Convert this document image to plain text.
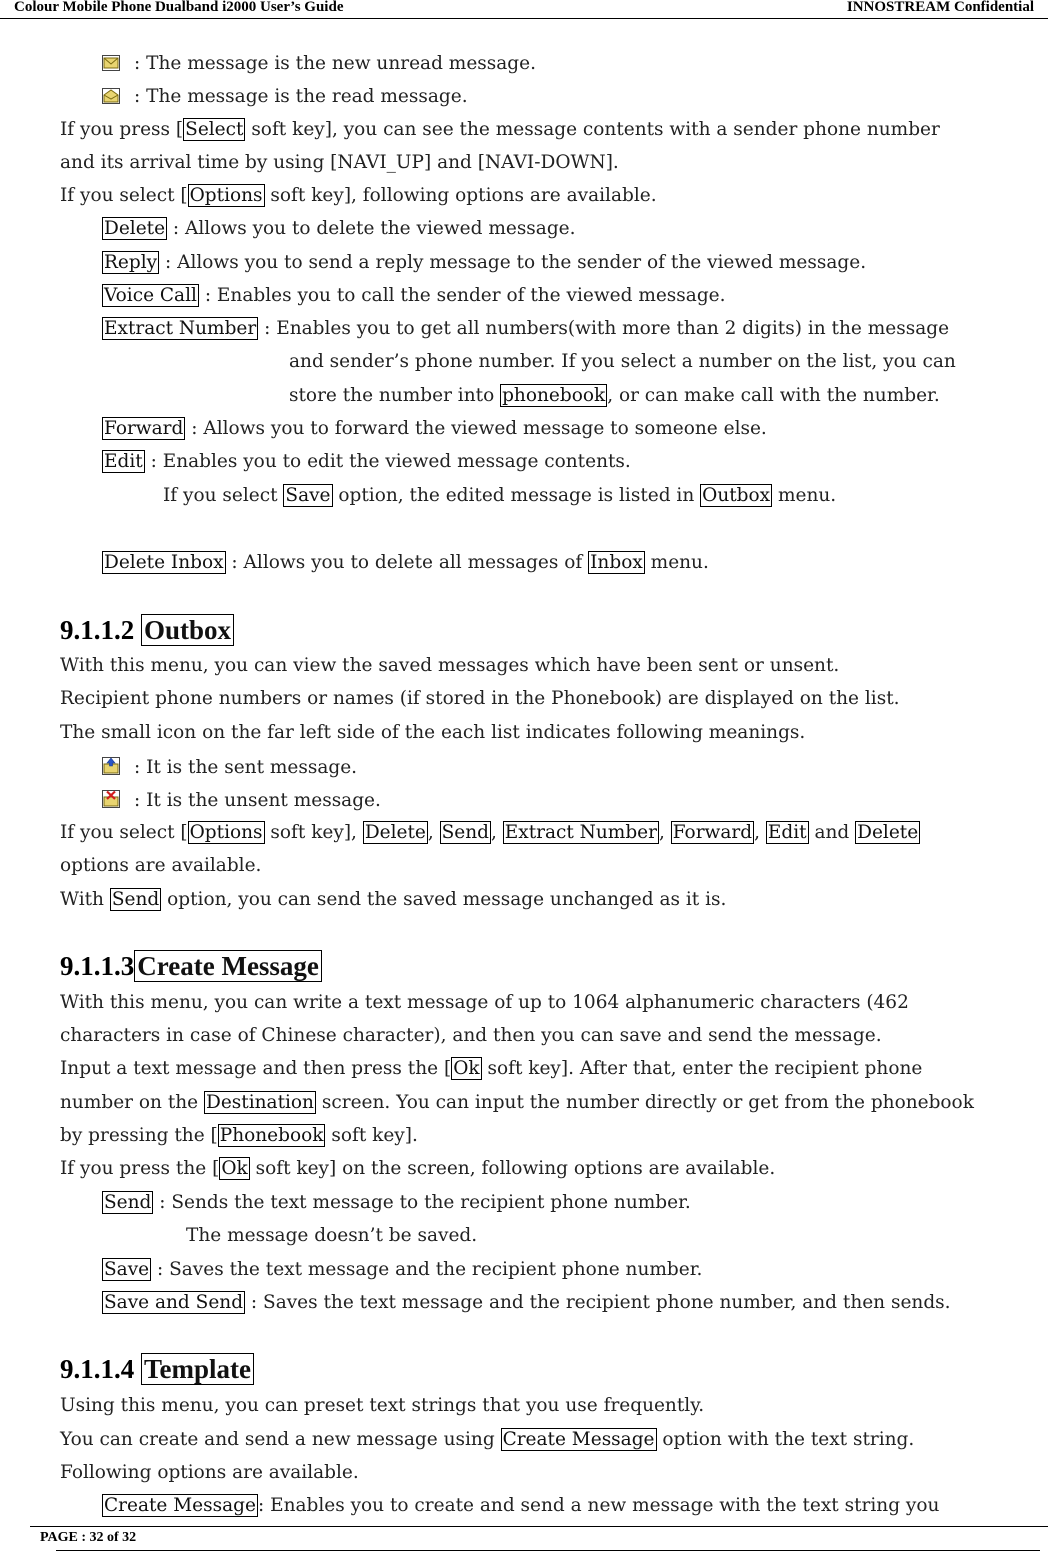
Colour Mobile Phone Dualband i2000 User’s Guide	INNOSTREAM Confidential
: The message is the new unread message.
: The message is the read message.
If you press [ Select soft key], you can see the message contents with a sender phone number
and its arrival time by using [NAVI_UP] and [NAVI-DOWN].
If you select [ Options soft key], following options are available.
Delete : Allows you to delete the viewed message.
Reply : Allows you to send a reply message to the sender of the viewed message.
Voice Call : Enables you to call the sender of the viewed message.
Extract Number : Enables you to get all numbers(with more than 2 digits) in the message
and sender’s phone number. If you select a number on the list, you can
store the number into phonebook , or can make call with the number.
Forward : Allows you to forward the viewed message to someone else.
Edit : Enables you to edit the viewed message contents.
If you select Save option, the edited message is listed in Outbox menu.
Delete Inbox : Allows you to delete all messages of Inbox menu.
9.1.1.2 Outbox
With this menu, you can view the saved messages which have been sent or unsent.
Recipient phone numbers or names (if stored in the Phonebook) are displayed on the list.
The small icon on the far left side of the each list indicates following meanings.
: It is the sent message.
: It is the unsent message.
If you select [ Options soft key], Delete , Send , Extract Number , Forward , Edit and Delete
options are available.
With Send option, you can send the saved message unchanged as it is.
9.1.1.3 Create Message
With this menu, you can write a text message of up to 1064 alphanumeric characters (462
characters in case of Chinese character), and then you can save and send the message.
Input a text message and then press the [ Ok soft key]. After that, enter the recipient phone
number on the Destination screen. You can input the number directly or get from the phonebook
by pressing the [ Phonebook soft key].
If you press the [ Ok soft key] on the screen, following options are available.
Send : Sends the text message to the recipient phone number.
The message doesn’t be saved.
Save : Saves the text message and the recipient phone number.
Save and Send : Saves the text message and the recipient phone number, and then sends.
9.1.1.4 Template
Using this menu, you can preset text strings that you use frequently.
You can create and send a new message using Create Message option with the text string.
Following options are available.
Create Message : Enables you to create and send a new message with the text string you
PAGE : 32 of 32
